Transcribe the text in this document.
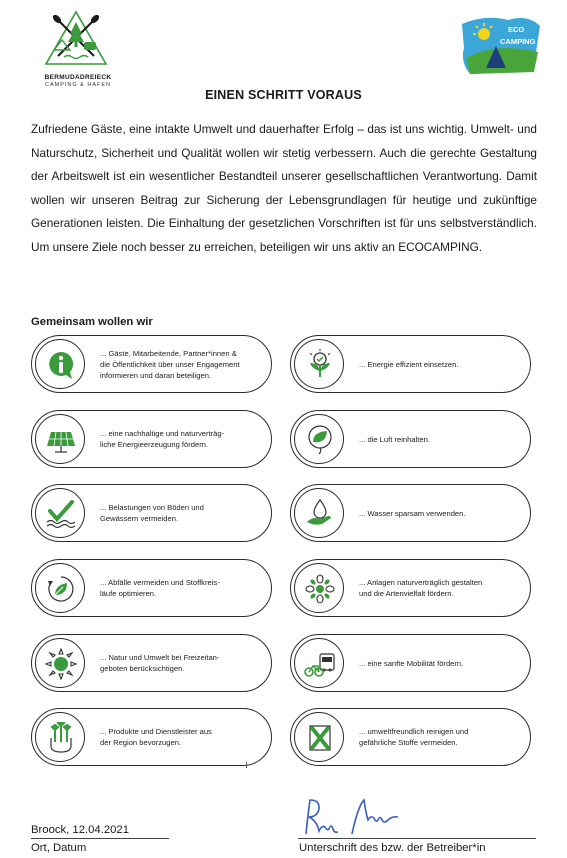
BERMUDADREIECK
CAMPING & HAFEN
ECO
CAMPING
EINEN SCHRITT VORAUS

Zufriedene Gäste, eine intakte Umwelt und dauerhafter Erfolg – das ist uns wichtig. Umwelt- und Naturschutz, Sicherheit und Qualität wollen wir stetig verbessern. Auch die gerechte Gestaltung der Arbeitswelt ist ein wesentlicher Bestandteil unserer gesellschaftlichen Verantwortung. Damit wollen wir unseren Beitrag zur Sicherung der Lebensgrundlagen für heutige und zukünftige Generationen leisten. Die Einhaltung der gesetzlichen Vorschriften ist für uns selbstverständlich. Um unsere Ziele noch besser zu erreichen, beteiligen wir uns aktiv an ECOCAMPING.

Gemeinsam wollen wir
... Gäste, Mitarbeitende, Partner*innen &
die Öffentlichkeit über unser Engagement
informieren und daran beteiligen.
... Energie effizient einsetzen.
... eine nachhaltige und naturverträg-
liche Energieerzeugung fördern.
... die Luft reinhalten.
... Belastungen von Böden und
Gewässern vermeiden.
... Wasser sparsam verwenden.
... Abfälle vermeiden und Stoffkreis-
läufe optimieren.
... Anlagen naturverträglich gestalten
und die Artenvielfalt fördern.
... Natur und Umwelt bei Freizeitan-
geboten berücksichtigen.
... eine sanfte Mobilität fördern.
... Produkte und Dienstleister aus
der Region bevorzugen.
... umweltfreundlich reinigen und
gefährliche Stoffe vermeiden.
Broock, 12.04.2021
Ort, Datum	Unterschrift des bzw. der Betreiber*in
